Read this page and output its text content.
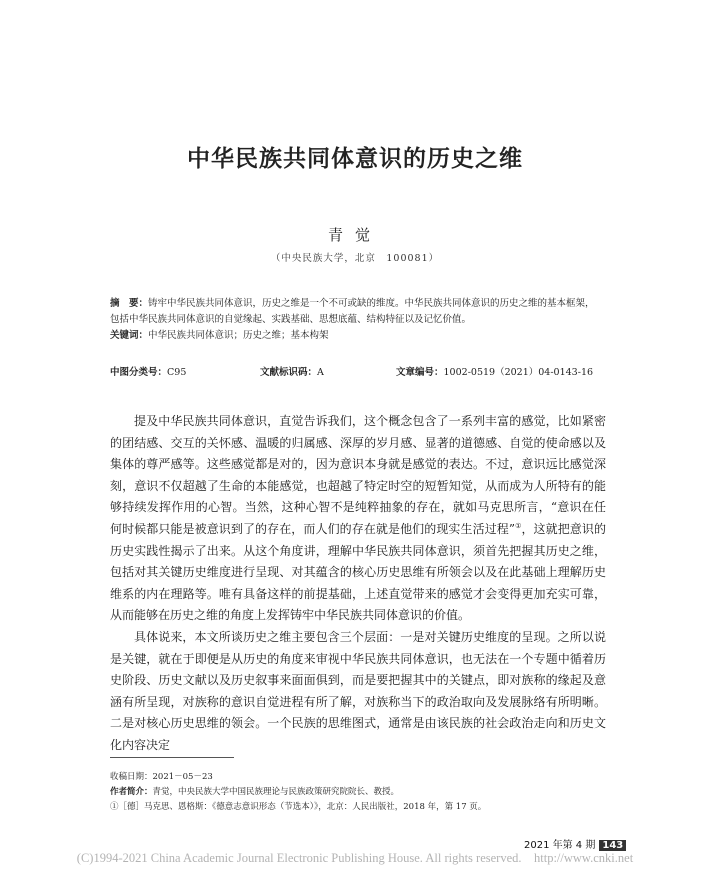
中华民族共同体意识的历史之维
青觉
（中央民族大学，北京　100081）
摘　要：铸牢中华民族共同体意识，历史之维是一个不可或缺的维度。中华民族共同体意识的历史之维的基本框架，包括中华民族共同体意识的自觉缘起、实践基础、思想底蕴、结构特征以及记忆价值。
关键词：中华民族共同体意识；历史之维；基本构架
中图分类号：C95	文献标识码：A	文章编号：1002-0519（2021）04-0143-16

提及中华民族共同体意识，直觉告诉我们，这个概念包含了一系列丰富的感觉，比如紧密的团结感、交互的关怀感、温暖的归属感、深厚的岁月感、显著的道德感、自觉的使命感以及集体的尊严感等。这些感觉都是对的，因为意识本身就是感觉的表达。不过，意识远比感觉深刻，意识不仅超越了生命的本能感觉，也超越了特定时空的短暂知觉，从而成为人所特有的能够持续发挥作用的心智。当然，这种心智不是纯粹抽象的存在，就如马克思所言，“意识在任何时候都只能是被意识到了的存在，而人们的存在就是他们的现实生活过程”①，这就把意识的历史实践性揭示了出来。从这个角度讲，理解中华民族共同体意识，须首先把握其历史之维，包括对其关键历史维度进行呈现、对其蕴含的核心历史思维有所领会以及在此基础上理解历史维系的内在理路等。唯有具备这样的前提基础，上述直觉带来的感觉才会变得更加充实可靠，从而能够在历史之维的角度上发挥铸牢中华民族共同体意识的价值。

具体说来，本文所谈历史之维主要包含三个层面：一是对关键历史维度的呈现。之所以说是关键，就在于即便是从历史的角度来审视中华民族共同体意识，也无法在一个专题中循着历史阶段、历史文献以及历史叙事来面面俱到，而是要把握其中的关键点，即对族称的缘起及意涵有所呈现，对族称的意识自觉进程有所了解，对族称当下的政治取向及发展脉络有所明晰。二是对核心历史思维的领会。一个民族的思维图式，通常是由该民族的社会政治走向和历史文化内容决定

收稿日期：2021－05－23
作者简介：青觉，中央民族大学中国民族理论与民族政策研究院院长、教授。
①［德］马克思、恩格斯：《德意志意识形态（节选本）》，北京：人民出版社，2018 年，第 17 页。
2021 年第 4 期 143
(C)1994-2021 China Academic Journal Electronic Publishing House. All rights reserved.　http://www.cnki.net
